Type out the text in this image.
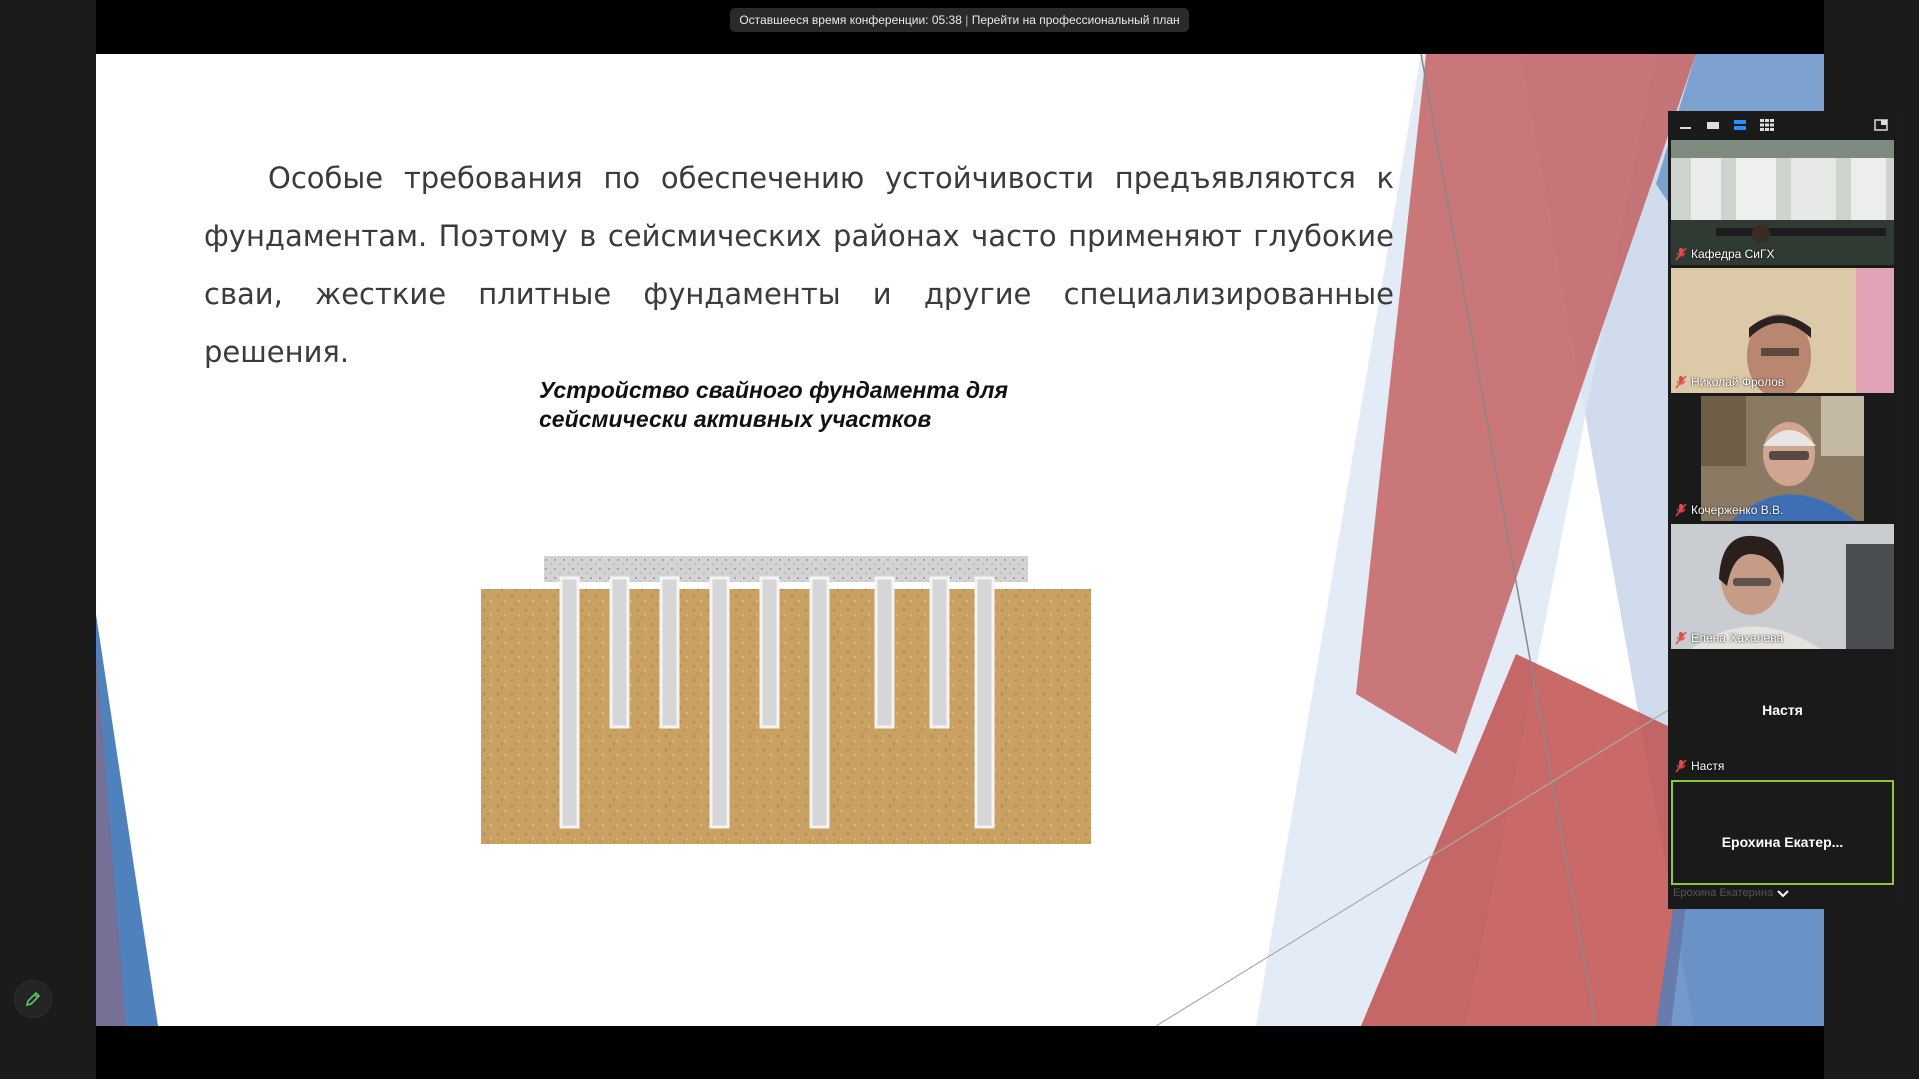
Оставшееся время конференции: 05:38 | Перейти на профессиональный план

Особые требования по обеспечению устойчивости предъявляются к фундаментам. Поэтому в сейсмических районах часто применяют глубокие сваи, жесткие плитные фундаменты и другие специализированные решения.

Устройство свайного фундамента для
сейсмически активных участков
Кафедра СиГХ
Николай Фролов
Кочерженко В.В.
Елена Хахалева
Настя
Настя
Ерохина Екатер...
Ерохина Екатерина
